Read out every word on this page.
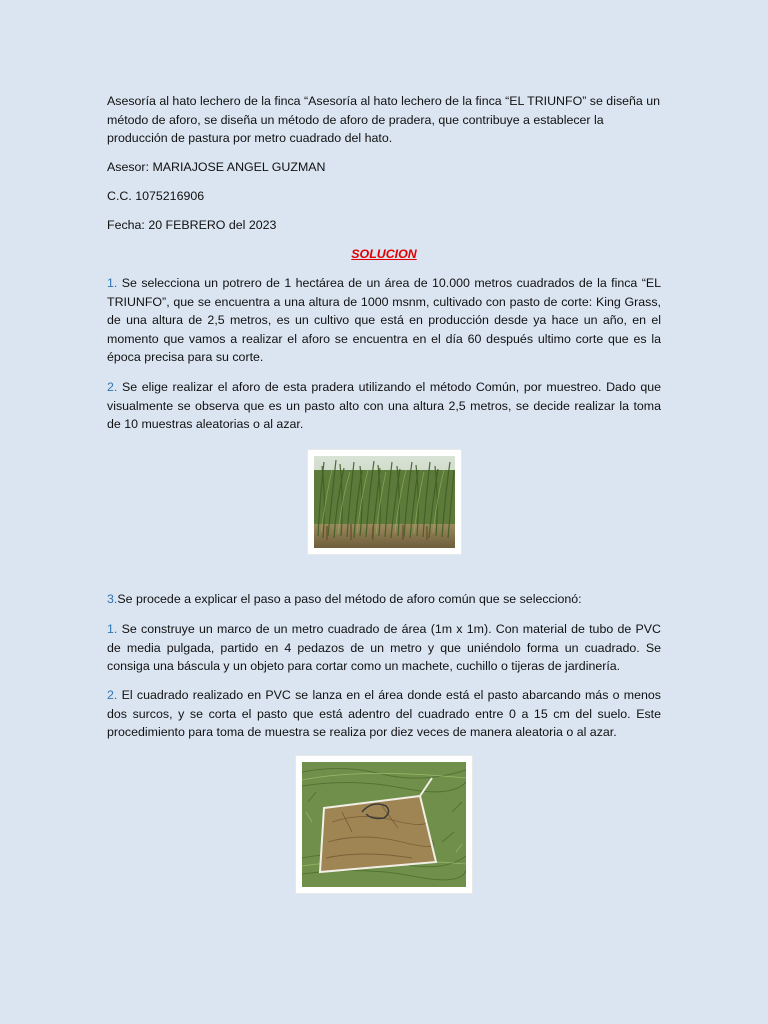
Asesoría al hato lechero de la finca “Asesoría al hato lechero de la finca “EL TRIUNFO” se diseña un método de aforo, se diseña un método de aforo de pradera, que contribuye a establecer la producción de pastura por metro cuadrado del hato.

Asesor: MARIAJOSE ANGEL GUZMAN

C.C. 1075216906

Fecha: 20 FEBRERO del 2023

SOLUCION

1. Se selecciona un potrero de 1 hectárea de un área de 10.000 metros cuadrados de la finca “EL TRIUNFO”, que se encuentra a una altura de 1000 msnm, cultivado con pasto de corte: King Grass, de una altura de 2,5 metros, es un cultivo que está en producción desde ya hace un año, en el momento que vamos a realizar el aforo se encuentra en el día 60 después ultimo corte que es la época precisa para su corte.

2. Se elige realizar el aforo de esta pradera utilizando el método Común, por muestreo. Dado que visualmente se observa que es un pasto alto con una altura 2,5 metros, se decide realizar la toma de 10 muestras aleatorias o al azar.

3.Se procede a explicar el paso a paso del método de aforo común que se seleccionó:

1. Se construye un marco de un metro cuadrado de área (1m x 1m). Con material de tubo de PVC de media pulgada, partido en 4 pedazos de un metro y que uniéndolo forma un cuadrado. Se consiga una báscula y un objeto para cortar como un machete, cuchillo o tijeras de jardinería.

2. El cuadrado realizado en PVC se lanza en el área donde está el pasto abarcando más o menos dos surcos, y se corta el pasto que está adentro del cuadrado entre 0 a 15 cm del suelo. Este procedimiento para toma de muestra se realiza por diez veces de manera aleatoria o al azar.
